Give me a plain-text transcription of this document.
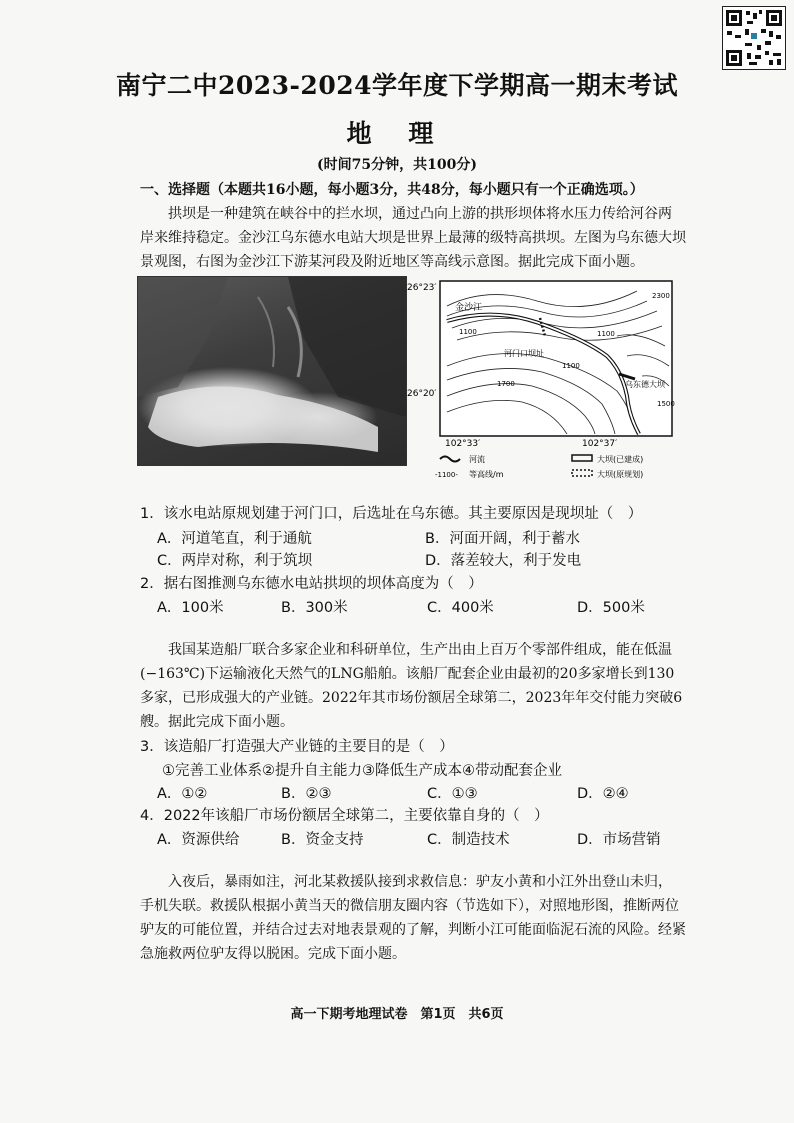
南宁二中2023-2024学年度下学期高一期末考试
地 理
(时间75分钟，共100分)
一、选择题（本题共16小题，每小题3分，共48分，每小题只有一个正确选项。）
拱坝是一种建筑在峡谷中的拦水坝，通过凸向上游的拱形坝体将水压力传给河谷两
岸来维持稳定。金沙江乌东德水电站大坝是世界上最薄的级特高拱坝。左图为乌东德大坝
景观图，右图为金沙江下游某河段及附近地区等高线示意图。据此完成下面小题。
26°23′
26°20′
102°33′	102°37′
金沙江
河门口坝址
乌东德大坝
2300
1100
1100
1100
1700
1500
河流
-1100- 等高线/m
大坝(已建成)
大坝(原规划)
1．该水电站原规划建于河门口，后选址在乌东德。其主要原因是现坝址（　）
A．河道笔直，利于通航	B．河面开阔，利于蓄水
C．两岸对称，利于筑坝	D．落差较大，利于发电
2．据右图推测乌东德水电站拱坝的坝体高度为（　）
A．100米	B．300米	C．400米	D．500米
我国某造船厂联合多家企业和科研单位，生产出由上百万个零部件组成，能在低温
(−163℃)下运输液化天然气的LNG船舶。该船厂配套企业由最初的20多家增长到130
多家，已形成强大的产业链。2022年其市场份额居全球第二，2023年年交付能力突破6
艘。据此完成下面小题。
3．该造船厂打造强大产业链的主要目的是（　）
①完善工业体系②提升自主能力③降低生产成本④带动配套企业
A．①②	B．②③	C．①③	D．②④
4．2022年该船厂市场份额居全球第二，主要依靠自身的（　）
A．资源供给	B．资金支持	C．制造技术	D．市场营销
入夜后，暴雨如注，河北某救援队接到求救信息：驴友小黄和小江外出登山未归，
手机失联。救援队根据小黄当天的微信朋友圈内容（节选如下），对照地形图，推断两位
驴友的可能位置，并结合过去对地表景观的了解，判断小江可能面临泥石流的风险。经紧
急施救两位驴友得以脱困。完成下面小题。
高一下期考地理试卷　第1页　共6页
